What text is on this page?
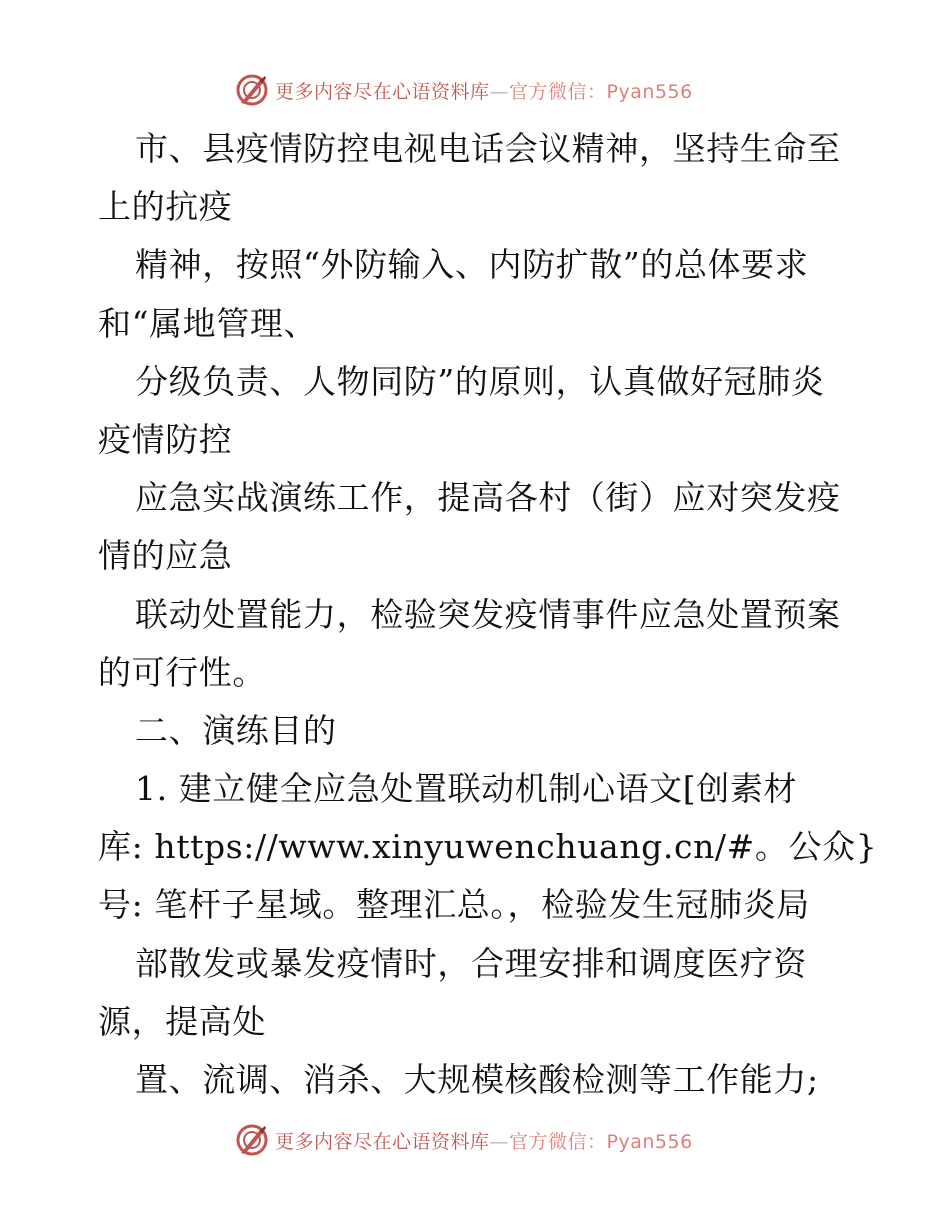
更多内容尽在心语资料库—官方微信：Pyan556
市、县疫情防控电视电话会议精神，坚持生命至
上的抗疫
精神，按照“外防输入、内防扩散”的总体要求
和“属地管理、
分级负责、人物同防”的原则，认真做好冠肺炎
疫情防控
应急实战演练工作，提高各村（街）应对突发疫
情的应急
联动处置能力，检验突发疫情事件应急处置预案
的可行性。
二、演练目的
1. 建立健全应急处置联动机制心语文[创素材
库: https://www.xinyuwenchuang.cn/#。公众}
号: 笔杆子星域。整理汇总。，检验发生冠肺炎局
部散发或暴发疫情时，合理安排和调度医疗资
源，提高处
置、流调、消杀、大规模核酸检测等工作能力;
更多内容尽在心语资料库—官方微信：Pyan556
